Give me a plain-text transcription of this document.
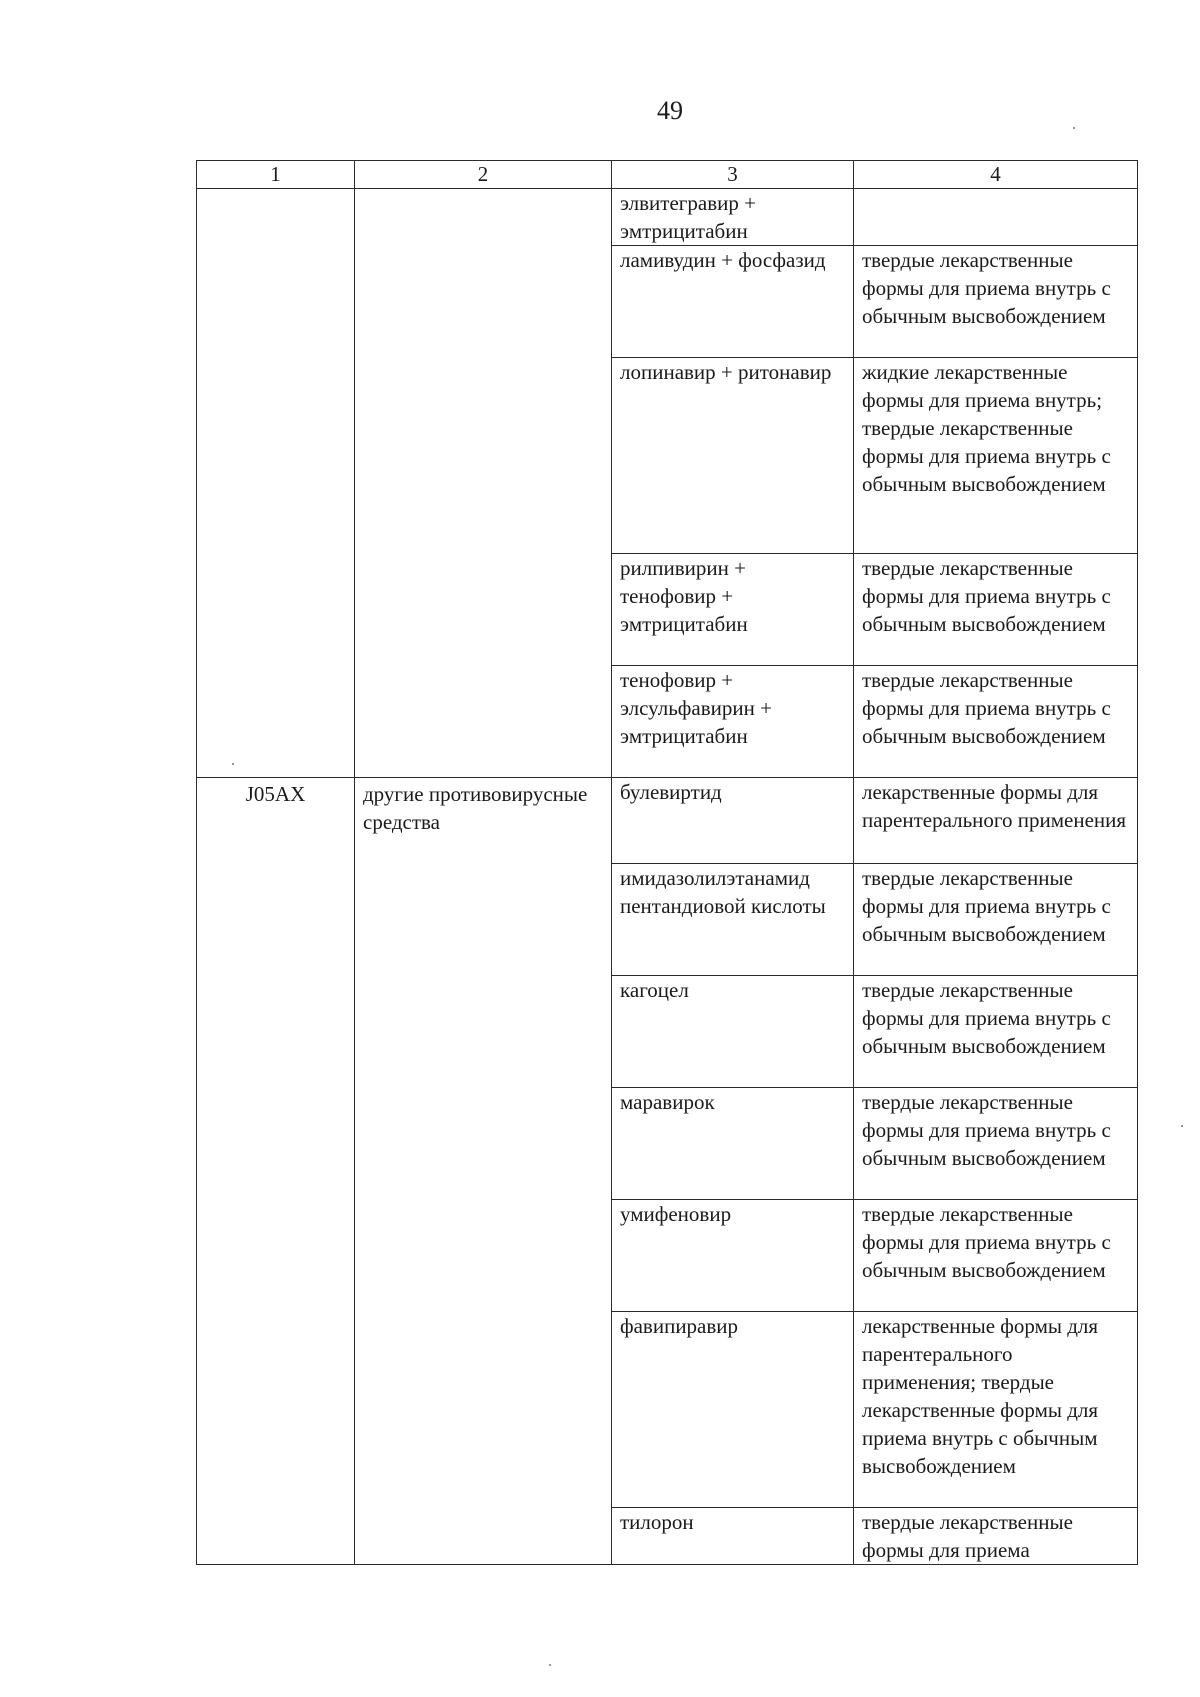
49
1	2	3	4
		элвитегравир + эмтрицитабин	
		ламивудин + фосфазид	твердые лекарственные формы для приема внутрь с обычным высвобождением
		лопинавир + ритонавир	жидкие лекарственные формы для приема внутрь; твердые лекарственные формы для приема внутрь с обычным высвобождением
		рилпивирин + тенофовир + эмтрицитабин	твердые лекарственные формы для приема внутрь с обычным высвобождением
		тенофовир + элсульфавирин + эмтрицитабин	твердые лекарственные формы для приема внутрь с обычным высвобождением
J05AX	другие противовирусные средства	булевиртид	лекарственные формы для парентерального применения
		имидазолилэтанамид пентандиовой кислоты	твердые лекарственные формы для приема внутрь с обычным высвобождением
		кагоцел	твердые лекарственные формы для приема внутрь с обычным высвобождением
		маравирок	твердые лекарственные формы для приема внутрь с обычным высвобождением
		умифеновир	твердые лекарственные формы для приема внутрь с обычным высвобождением
		фавипиравир	лекарственные формы для парентерального применения; твердые лекарственные формы для приема внутрь с обычным высвобождением
		тилорон	твердые лекарственные формы для приема
